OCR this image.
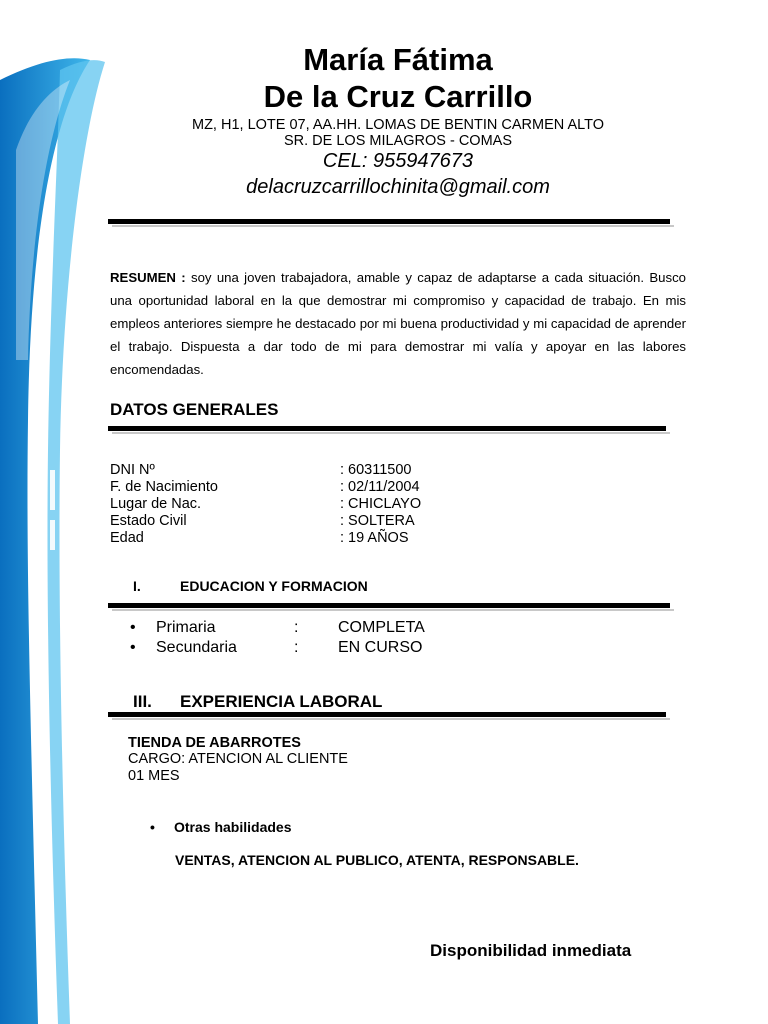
María Fátima
De la Cruz Carrillo
MZ, H1, LOTE 07, AA.HH. LOMAS DE BENTIN CARMEN ALTO
SR. DE LOS MILAGROS - COMAS
CEL: 955947673
delacruzcarrillochinita@gmail.com
RESUMEN : soy una joven trabajadora, amable y capaz de adaptarse a cada situación. Busco una oportunidad laboral en la que demostrar mi compromiso y capacidad de trabajo. En mis empleos anteriores siempre he destacado por mi buena productividad y mi capacidad de aprender el trabajo. Dispuesta a dar todo de mi para demostrar mi valía y apoyar en las labores encomendadas.
DATOS GENERALES
DNI Nº	: 60311500
F. de Nacimiento	: 02/11/2004
Lugar de Nac.	: CHICLAYO
Estado Civil	: SOLTERA
Edad	: 19 AÑOS
I.	EDUCACION Y FORMACION
•	Primaria	:	COMPLETA
•	Secundaria	:	EN CURSO
III. EXPERIENCIA LABORAL
TIENDA DE ABARROTES
CARGO: ATENCION AL CLIENTE
01 MES
• Otras habilidades
VENTAS, ATENCION AL PUBLICO, ATENTA, RESPONSABLE.
Disponibilidad inmediata
